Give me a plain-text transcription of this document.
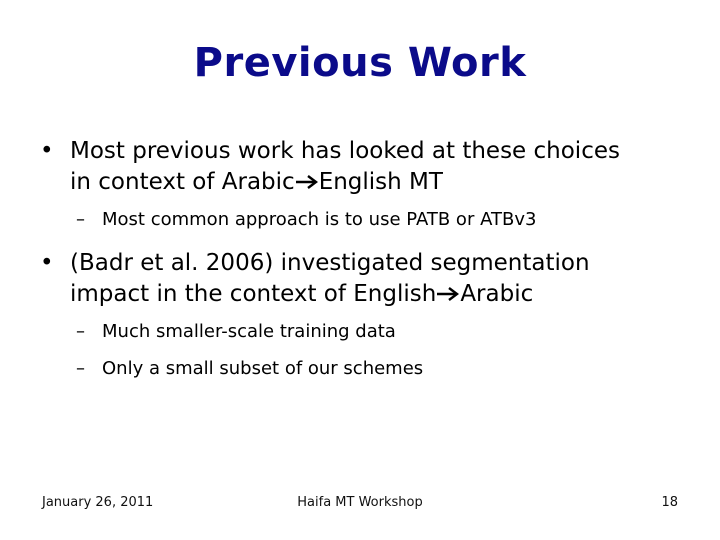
Previous Work
• Most previous work has looked at these choices
in context of Arabic English MT
– Most common approach is to use PATB or ATBv3
• (Badr et al. 2006) investigated segmentation
impact in the context of English Arabic
– Much smaller-scale training data
– Only a small subset of our schemes
January 26, 2011	Haifa MT Workshop	18
